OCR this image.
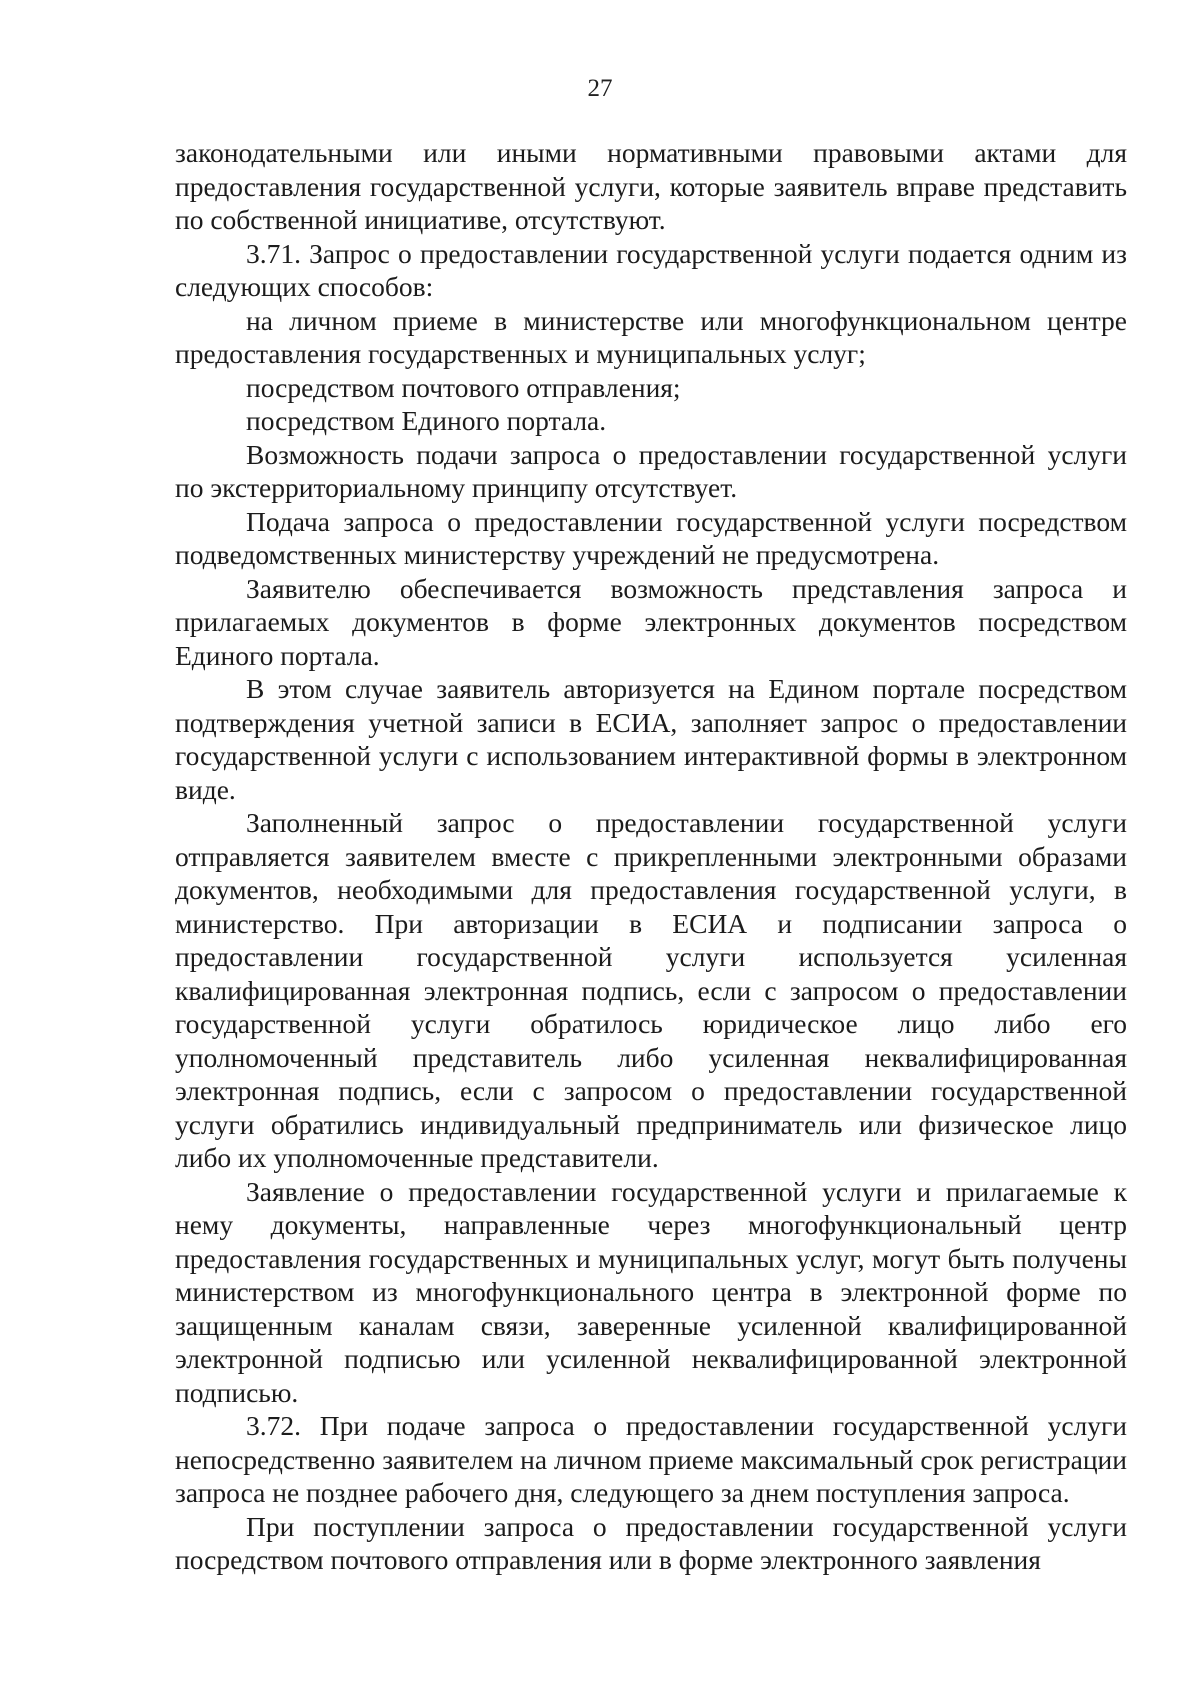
27

законодательными или иными нормативными правовыми актами для предоставления государственной услуги, которые заявитель вправе представить по собственной инициативе, отсутствуют.

3.71. Запрос о предоставлении государственной услуги подается одним из следующих способов:

на личном приеме в министерстве или многофункциональном центре предоставления государственных и муниципальных услуг;

посредством почтового отправления;

посредством Единого портала.

Возможность подачи запроса о предоставлении государственной услуги по экстерриториальному принципу отсутствует.

Подача запроса о предоставлении государственной услуги посредством подведомственных министерству учреждений не предусмотрена.

Заявителю обеспечивается возможность представления запроса и прилагаемых документов в форме электронных документов посредством Единого портала.

В этом случае заявитель авторизуется на Едином портале посредством подтверждения учетной записи в ЕСИА, заполняет запрос о предоставлении государственной услуги с использованием интерактивной формы в электронном виде.

Заполненный запрос о предоставлении государственной услуги отправляется заявителем вместе с прикрепленными электронными образами документов, необходимыми для предоставления государственной услуги, в министерство. При авторизации в ЕСИА и подписании запроса о предоставлении государственной услуги используется усиленная квалифицированная электронная подпись, если с запросом о предоставлении государственной услуги обратилось юридическое лицо либо его уполномоченный представитель либо усиленная неквалифицированная электронная подпись, если с запросом о предоставлении государственной услуги обратились индивидуальный предприниматель или физическое лицо либо их уполномоченные представители.

Заявление о предоставлении государственной услуги и прилагаемые к нему документы, направленные через многофункциональный центр предоставления государственных и муниципальных услуг, могут быть получены министерством из многофункционального центра в электронной форме по защищенным каналам связи, заверенные усиленной квалифицированной электронной подписью или усиленной неквалифицированной электронной подписью.

3.72. При подаче запроса о предоставлении государственной услуги непосредственно заявителем на личном приеме максимальный срок регистрации запроса не позднее рабочего дня, следующего за днем поступления запроса.

При поступлении запроса о предоставлении государственной услуги посредством почтового отправления или в форме электронного заявления
